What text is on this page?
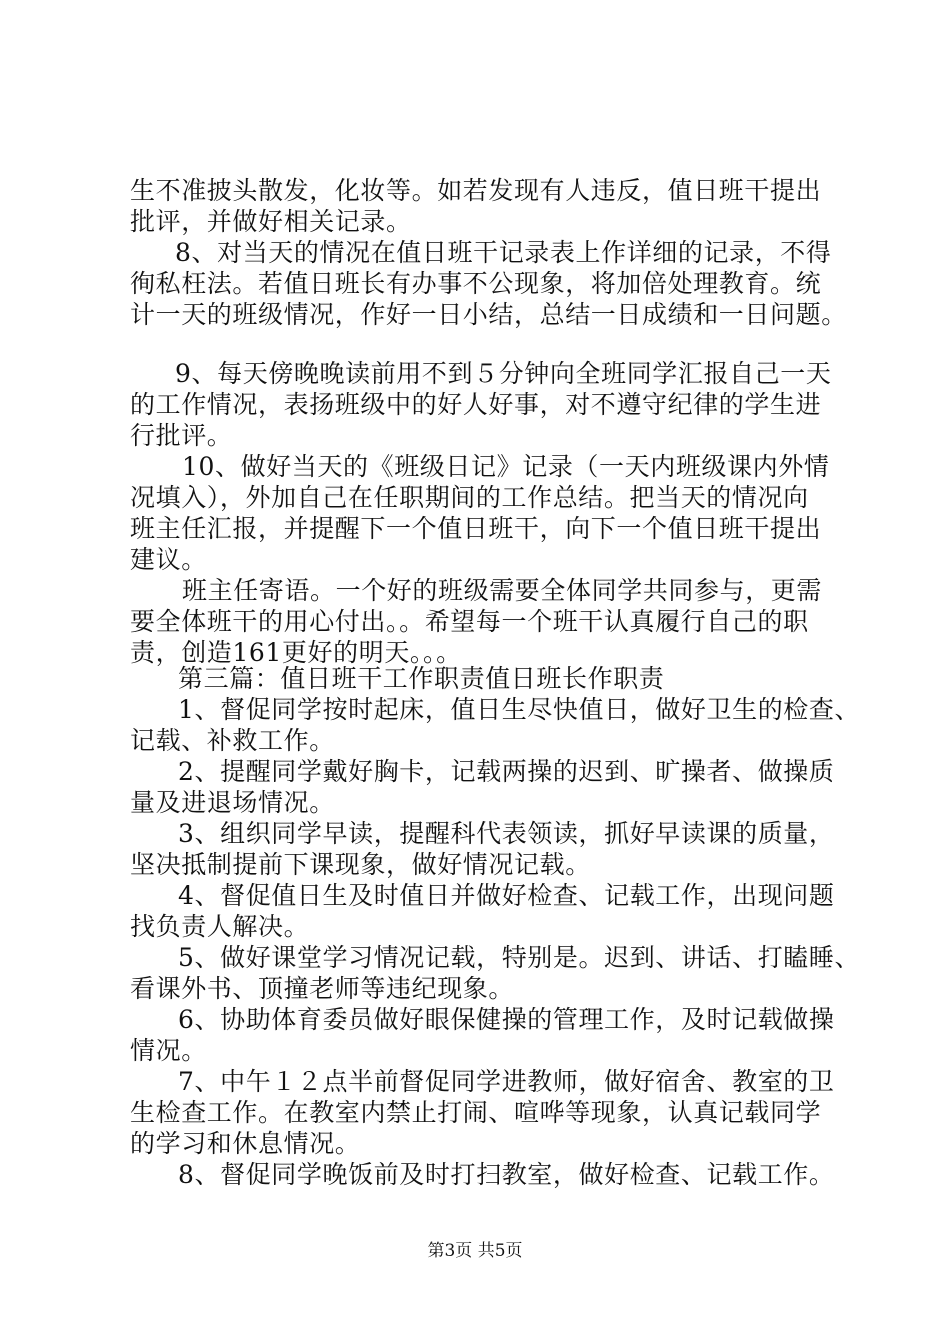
生不准披头散发，化妆等。如若发现有人违反，值日班干提出
批评，并做好相关记录。
8、对当天的情况在值日班干记录表上作详细的记录，不得
徇私枉法。若值日班长有办事不公现象，将加倍处理教育。统
计一天的班级情况，作好一日小结，总结一日成绩和一日问题。
9、每天傍晚晚读前用不到５分钟向全班同学汇报自己一天
的工作情况，表扬班级中的好人好事，对不遵守纪律的学生进
行批评。
10、做好当天的《班级日记》记录（一天内班级课内外情
况填入），外加自己在任职期间的工作总结。把当天的情况向
班主任汇报，并提醒下一个值日班干，向下一个值日班干提出
建议。
班主任寄语。一个好的班级需要全体同学共同参与，更需
要全体班干的用心付出。。希望每一个班干认真履行自己的职
责，创造161更好的明天。。。
第三篇：值日班干工作职责值日班长作职责
1、督促同学按时起床，值日生尽快值日，做好卫生的检查、
记载、补救工作。
2、提醒同学戴好胸卡，记载两操的迟到、旷操者、做操质
量及进退场情况。
3、组织同学早读，提醒科代表领读，抓好早读课的质量，
坚决抵制提前下课现象，做好情况记载。
4、督促值日生及时值日并做好检查、记载工作，出现问题
找负责人解决。
5、做好课堂学习情况记载，特别是。迟到、讲话、打瞌睡、
看课外书、顶撞老师等违纪现象。
6、协助体育委员做好眼保健操的管理工作，及时记载做操
情况。
7、中午１２点半前督促同学进教师，做好宿舍、教室的卫
生检查工作。在教室内禁止打闹、喧哗等现象，认真记载同学
的学习和休息情况。
8、督促同学晚饭前及时打扫教室，做好检查、记载工作。
第3页 共5页
